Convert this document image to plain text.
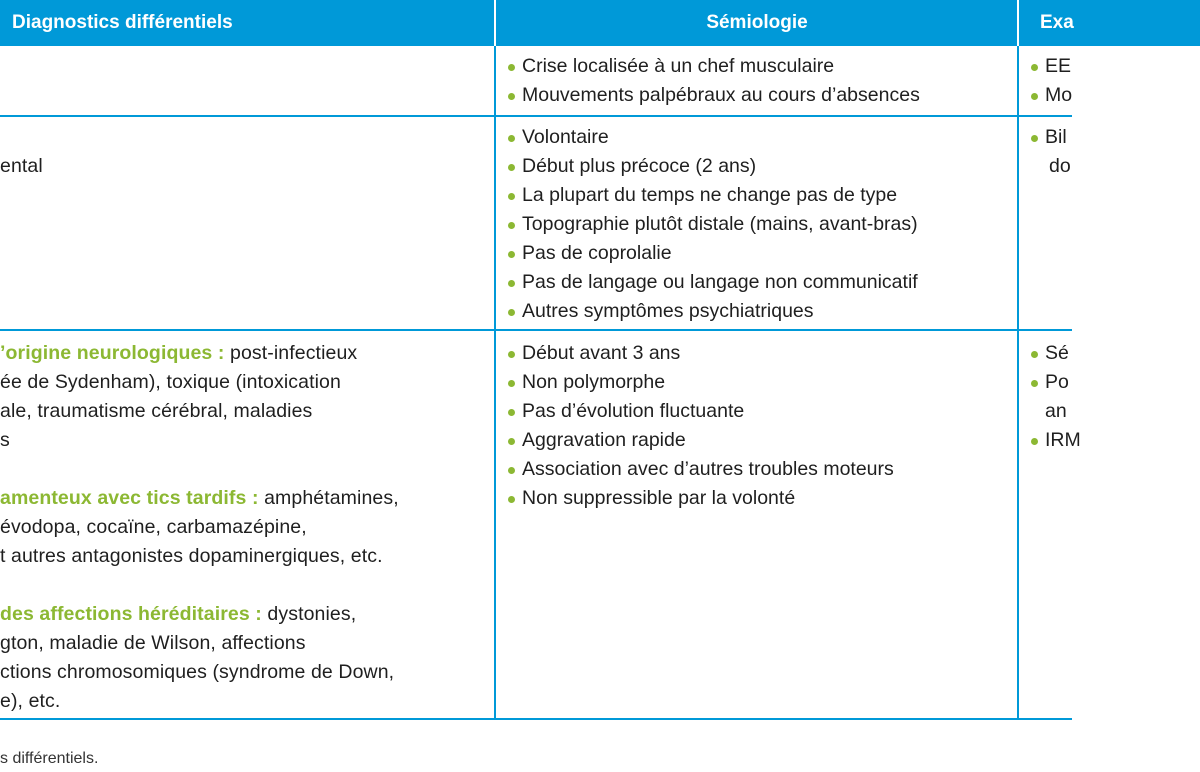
Diagnostics différentiels	Sémiologie	Exa
Crise localisée à un chef musculaire
Mouvements palpébraux au cours d’absences
EE
Mo
ental
Volontaire
Début plus précoce (2 ans)
La plupart du temps ne change pas de type
Topographie plutôt distale (mains, avant-bras)
Pas de coprolalie
Pas de langage ou langage non communicatif
Autres symptômes psychiatriques
Bil
do
’origine neurologiques : post-infectieux
ée de Sydenham), toxique (intoxication
ale, traumatisme cérébral, maladies
s
amenteux avec tics tardifs : amphétamines,
évodopa, cocaïne, carbamazépine,
t autres antagonistes dopaminergiques, etc.
des affections héréditaires : dystonies,
gton, maladie de Wilson, affections
ctions chromosomiques (syndrome de Down,
e), etc.
Début avant 3 ans
Non polymorphe
Pas d’évolution fluctuante
Aggravation rapide
Association avec d’autres troubles moteurs
Non suppressible par la volonté
Sé
Po
an
IRM
s différentiels.
